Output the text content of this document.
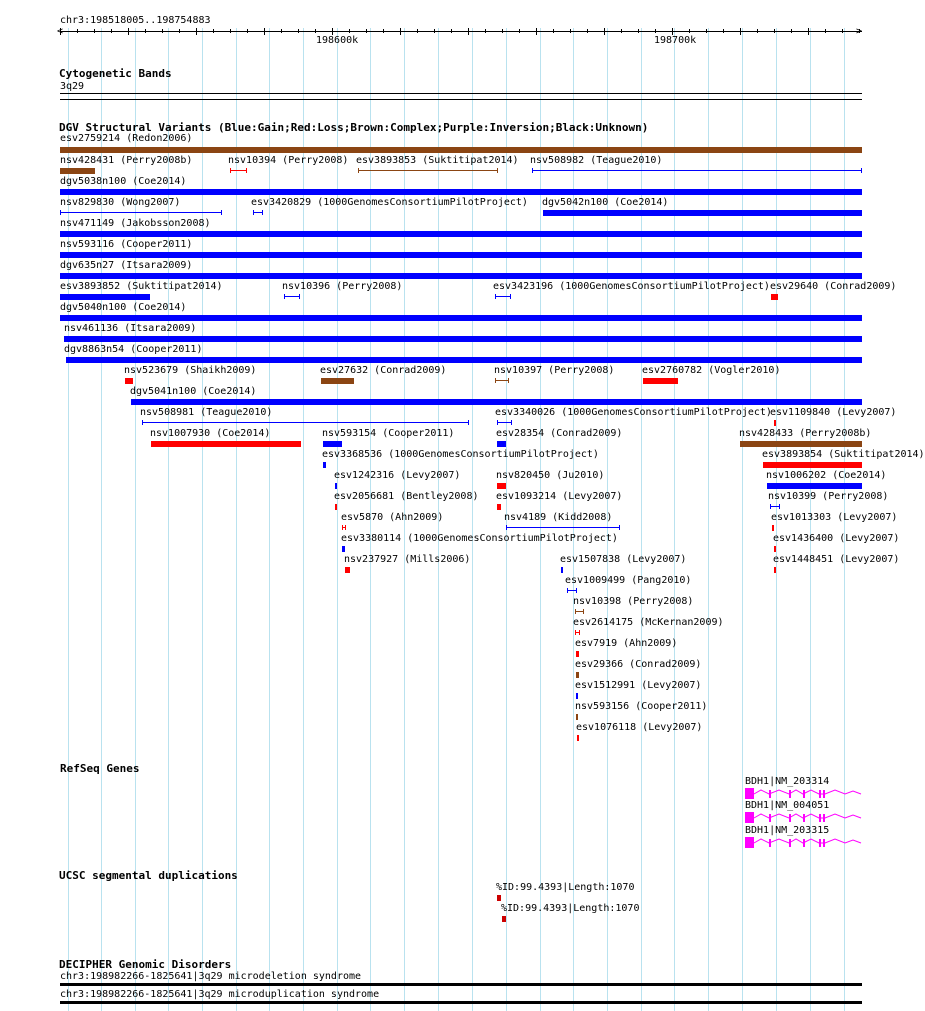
chr3:198518005..198754883
<	>
198600k	198700k
Cytogenetic Bands
3q29
DGV Structural Variants (Blue:Gain;Red:Loss;Brown:Complex;Purple:Inversion;Black:Unknown)
esv2759214 (Redon2006)
nsv428431 (Perry2008b)	nsv10394 (Perry2008) esv3893853 (Suktitipat2014) nsv508982 (Teague2010)
dgv5038n100 (Coe2014)
nsv829830 (Wong2007)	esv3420829 (1000GenomesConsortiumPilotProject) dgv5042n100 (Coe2014)
nsv471149 (Jakobsson2008)
nsv593116 (Cooper2011)
dgv635n27 (Itsara2009)
esv3893852 (Suktitipat2014)	nsv10396 (Perry2008)	esv3423196 (1000GenomesConsortiumPilotProject) esv29640 (Conrad2009)
dgv5040n100 (Coe2014)
nsv461136 (Itsara2009)
dgv8863n54 (Cooper2011)
nsv523679 (Shaikh2009)	esv27632 (Conrad2009)	nsv10397 (Perry2008)	esv2760782 (Vogler2010)
dgv5041n100 (Coe2014)
nsv508981 (Teague2010)	esv3340026 (1000GenomesConsortiumPilotProject)
esv1109840 (Levy2007)
nsv1007930 (Coe2014)	nsv593154 (Cooper2011)	esv28354 (Conrad2009)	nsv428433 (Perry2008b)
esv3368536 (1000GenomesConsortiumPilotProject)	esv3893854 (Suktitipat2014)
esv1242316 (Levy2007)	nsv820450 (Ju2010)	nsv1006202 (Coe2014)
esv2056681 (Bentley2008) esv1093214 (Levy2007)	nsv10399 (Perry2008)
esv5870 (Ahn2009)	nsv4189 (Kidd2008)	esv1013303 (Levy2007)
esv3380114 (1000GenomesConsortiumPilotProject)	esv1436400 (Levy2007)
nsv237927 (Mills2006)	esv1448451 (Levy2007)
esv1507838 (Levy2007)
esv1009499 (Pang2010)
nsv10398 (Perry2008)
esv2614175 (McKernan2009)
esv7919 (Ahn2009)
esv29366 (Conrad2009)
esv1512991 (Levy2007)
nsv593156 (Cooper2011)
esv1076118 (Levy2007)
RefSeq Genes
BDH1|NM_203314
BDH1|NM_004051
BDH1|NM_203315
UCSC segmental duplications
%ID:99.4393|Length:1070
%ID:99.4393|Length:1070
DECIPHER Genomic Disorders
chr3:198982266-1825641|3q29 microdeletion syndrome
chr3:198982266-1825641|3q29 microduplication syndrome
